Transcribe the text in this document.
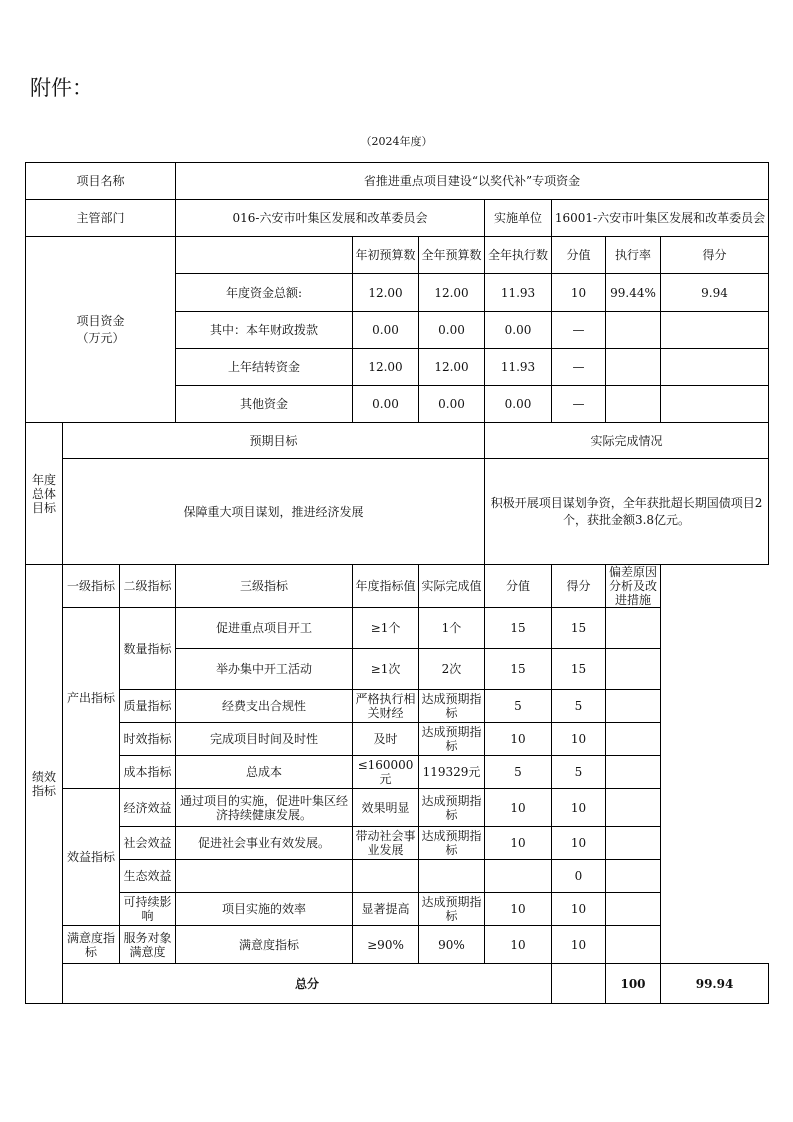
附件：
（2024年度）
项目名称			省推进重点项目建设“以奖代补”专项资金							
主管部门			016-六安市叶集区发展和改革委员会			实施单位	16001-六安市叶集区发展和改革委员会			
项目资金
（万元）				年初预算数	全年预算数	全年执行数	分值	执行率	得分	
			年度资金总额:	12.00	12.00	11.93	10	99.44%	9.94	
			其中：本年财政拨款	0.00	0.00	0.00	—			
			上年结转资金	12.00	12.00	11.93	—			
			其他资金	0.00	0.00	0.00	—			
年度总体目标	预期目标					实际完成情况				
	保障重大项目谋划，推进经济发展					积极开展项目谋划争资，全年获批超长期国债项目2个，获批金额3.8亿元。				
绩效指标	一级指标	二级指标	三级指标	年度指标值	实际完成值	分值	得分	偏差原因分析及改进措施		
	产出指标	数量指标	促进重点项目开工	≥1个	1个	15	15			
			举办集中开工活动	≥1次	2次	15	15			
		质量指标	经费支出合规性	严格执行相关财经	达成预期指标	5	5			
		时效指标	完成项目时间及时性	及时	达成预期指标	10	10			
		成本指标	总成本	≤160000元	119329元	5	5			
	效益指标	经济效益	通过项目的实施，促进叶集区经济持续健康发展。	效果明显	达成预期指标	10	10			
		社会效益	促进社会事业有效发展。	带动社会事业发展	达成预期指标	10	10			
		生态效益					0			
		可持续影响	项目实施的效率	显著提高	达成预期指标	10	10			
	满意度指标	服务对象满意度	满意度指标	≥90%	90%	10	10			
	总分							100	99.94	
